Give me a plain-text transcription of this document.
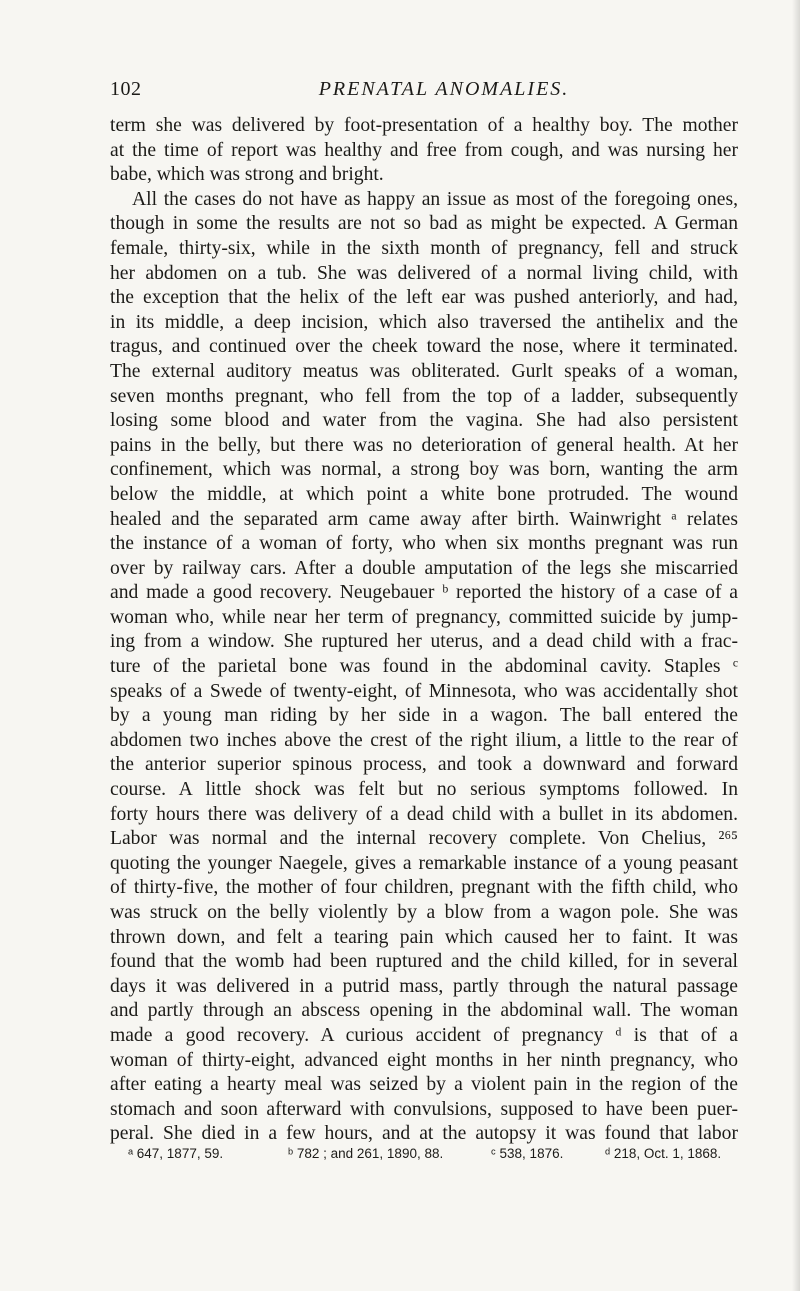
102	PRENATAL ANOMALIES.
term she was delivered by foot-presentation of a healthy boy. The mother
at the time of report was healthy and free from cough, and was nursing her
babe, which was strong and bright.
All the cases do not have as happy an issue as most of the foregoing ones,
though in some the results are not so bad as might be expected. A German
female, thirty-six, while in the sixth month of pregnancy, fell and struck
her abdomen on a tub. She was delivered of a normal living child, with
the exception that the helix of the left ear was pushed anteriorly, and had,
in its middle, a deep incision, which also traversed the antihelix and the
tragus, and continued over the cheek toward the nose, where it terminated.
The external auditory meatus was obliterated. Gurlt speaks of a woman,
seven months pregnant, who fell from the top of a ladder, subsequently
losing some blood and water from the vagina. She had also persistent
pains in the belly, but there was no deterioration of general health. At her
confinement, which was normal, a strong boy was born, wanting the arm
below the middle, at which point a white bone protruded. The wound
healed and the separated arm came away after birth. Wainwright ᵃ relates
the instance of a woman of forty, who when six months pregnant was run
over by railway cars. After a double amputation of the legs she miscarried
and made a good recovery. Neugebauer ᵇ reported the history of a case of a
woman who, while near her term of pregnancy, committed suicide by jump-
ing from a window. She ruptured her uterus, and a dead child with a frac-
ture of the parietal bone was found in the abdominal cavity. Staples ᶜ
speaks of a Swede of twenty-eight, of Minnesota, who was accidentally shot
by a young man riding by her side in a wagon. The ball entered the
abdomen two inches above the crest of the right ilium, a little to the rear of
the anterior superior spinous process, and took a downward and forward
course. A little shock was felt but no serious symptoms followed. In
forty hours there was delivery of a dead child with a bullet in its abdomen.
Labor was normal and the internal recovery complete. Von Chelius, ²⁶⁵
quoting the younger Naegele, gives a remarkable instance of a young peasant
of thirty-five, the mother of four children, pregnant with the fifth child, who
was struck on the belly violently by a blow from a wagon pole. She was
thrown down, and felt a tearing pain which caused her to faint. It was
found that the womb had been ruptured and the child killed, for in several
days it was delivered in a putrid mass, partly through the natural passage
and partly through an abscess opening in the abdominal wall. The woman
made a good recovery. A curious accident of pregnancy ᵈ is that of a
woman of thirty-eight, advanced eight months in her ninth pregnancy, who
after eating a hearty meal was seized by a violent pain in the region of the
stomach and soon afterward with convulsions, supposed to have been puer-
peral. She died in a few hours, and at the autopsy it was found that labor
ᵃ 647, 1877, 59.	ᵇ 782 ; and 261, 1890, 88.	ᶜ 538, 1876.	ᵈ 218, Oct. 1, 1868.
